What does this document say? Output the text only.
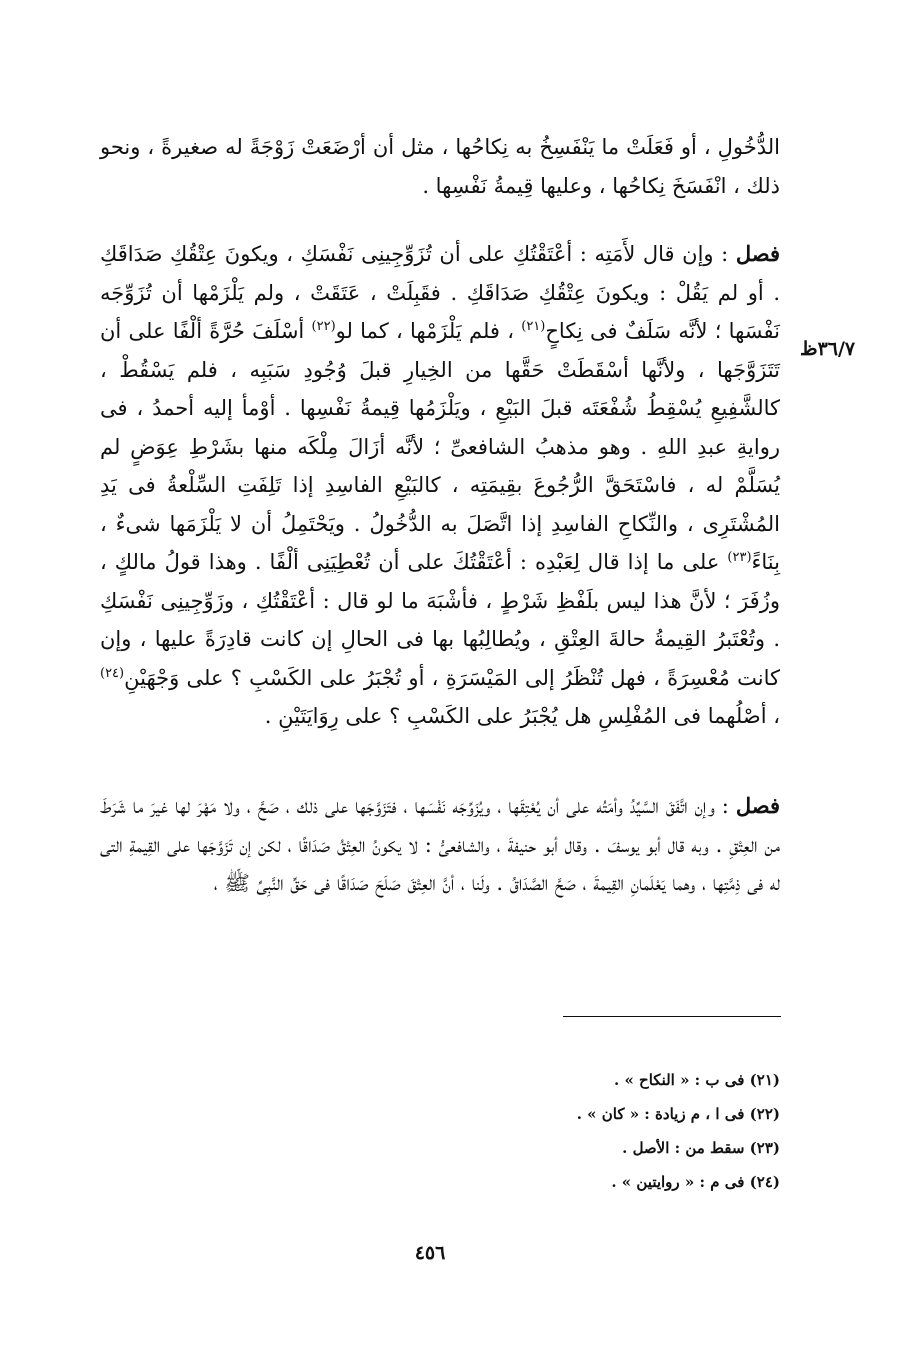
الدُّخُولِ ، أو فَعَلَتْ ما يَنْفَسِخُ به نِكاحُها ، مثل أن أرْضَعَتْ زَوْجَةً له صغيرةً ، ونحو ذلك ، انْفَسَخَ نِكاحُها ، وعليها قِيمةُ نَفْسِها .

٣٦/٧ظ

فصل : وإن قال لأَمَتِه : أعْتَقْتُكِ على أن تُزَوِّجِينِى نَفْسَكِ ، ويكونَ عِتْقُكِ صَدَاقَكِ . أو لم يَقُلْ : ويكونَ عِتْقُكِ صَدَاقَكِ . فقَبِلَتْ ، عَتَقَتْ ، ولم يَلْزَمْها أن تُزَوِّجَه نَفْسَها ؛ لأنَّه سَلَفٌ فى نِكاحٍ$^{(٢١)}$ ، فلم يَلْزَمْها ، كما لو$^{(٢٢)}$ أسْلَفَ حُرَّةً ألْفًا على أن تَتَزَوَّجَها ، ولأنَّها أسْقَطَتْ حَقَّها من الخِيارِ قبلَ وُجُودِ سَبَبِه ، فلم يَسْقُطْ ، كالشَّفِيعِ يُسْقِطُ شُفْعَتَه قبلَ البَيْعِ ، ويَلْزَمُها قِيمةُ نَفْسِها . أوْمأ إليه أحمدُ ، فى روايةِ عبدِ اللهِ . وهو مذهبُ الشافعىِّ ؛ لأنَّه أزَالَ مِلْكَه منها بشَرْطِ عِوَضٍ لم يُسَلَّمْ له ، فاسْتَحَقَّ الرُّجُوعَ بقِيمَتِه ، كالبَيْعِ الفاسِدِ إذا تَلِفَتِ السِّلْعةُ فى يَدِ المُشْتَرِى ، والنِّكاحِ الفاسِدِ إذا اتَّصَلَ به الدُّخُولُ . ويَحْتَمِلُ أن لا يَلْزَمَها شىءٌ ، بِنَاءً$^{(٢٣)}$ على ما إذا قال لِعَبْدِه : أعْتَقْتُكَ على أن تُعْطِيَنِى ألْفًا . وهذا قولُ مالكٍ ، وزُفَرَ ؛ لأنَّ هذا ليس بلَفْظِ شَرْطٍ ، فأشْبَهَ ما لو قال : أعْتَقْتُكِ ، وزَوِّجِينِى نَفْسَكِ . وتُعْتَبرُ القِيمةُ حالةَ العِتْقِ ، ويُطالِبُها بها فى الحالِ إن كانت قادِرَةً عليها ، وإن كانت مُعْسِرَةً ، فهل تُنْظَرُ إلى المَيْسَرَةِ ، أو تُجْبَرُ على الكَسْبِ ؟ على وَجْهَيْنِ$^{(٢٤)}$ ، أصْلُهما فى المُفْلِسِ هل يُجْبَرُ على الكَسْبِ ؟ على رِوَايَتَيْنِ .

فصل : وإن اتَّفَقَ السَّيِّدُ وأمَتُه على أن يُعْتِقَها ، ويُزَوِّجَه نَفْسَها ، فتَزَوَّجَها على ذلك ، صَحَّ ، ولا مَهْرَ لها غيرَ ما شَرَطَ من العِتْقِ . وبه قال أبو يوسفَ . وقال أبو حنيفةَ ، والشافعىُّ : لا يكونُ العِتْقُ صَدَاقًا ، لكن إن تَزَوَّجَها على القِيمةِ التى له فى ذِمَّتِها ، وهما يَعْلَمانِ القِيمةَ ، صَحَّ الصَّدَاقُ . ولَنا ، أنَّ العِتْقَ صَلَحَ صَدَاقًا فى حَقِّ النَّبِىِّ ﷺ ،

(٢١) فى ب : « النكاح » .
(٢٢) فى ا ، م زيادة : « كان » .
(٢٣) سقط من : الأصل .
(٢٤) فى م : « روايتين » .
٤٥٦
